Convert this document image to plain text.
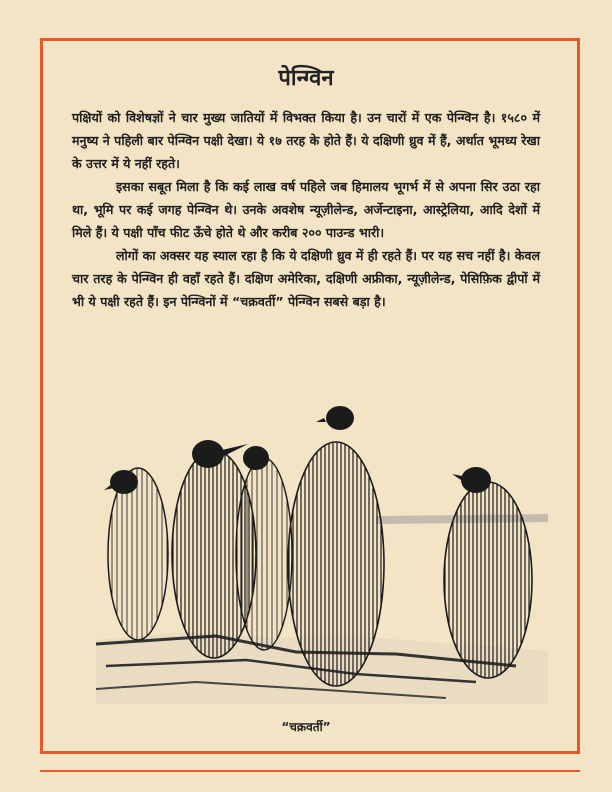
पेन्ग्विन

पक्षियों को विशेषज्ञों ने चार मुख्य जातियों में विभक्त किया है। उन चारों में एक पेन्ग्विन है। १५८० में मनुष्य ने पहिली बार पेन्ग्विन पक्षी देखा। ये १७ तरह के होते हैं। ये दक्षिणी ध्रुव में हैं, अर्थात भूमध्य रेखा के उत्तर में ये नहीं रहते।

इसका सबूत मिला है कि कई लाख वर्ष पहिले जब हिमालय भूगर्भ में से अपना सिर उठा रहा था, भूमि पर कई जगह पेन्ग्विन थे। उनके अवशेष न्यूज़ीलेन्ड, अर्जेन्टाइना, आस्ट्रेलिया, आदि देशों में मिले हैं। ये पक्षी पाँच फीट ऊँचे होते थे और करीब २०० पाउन्ड भारी।

लोगों का अक्सर यह स्याल रहा है कि ये दक्षिणी ध्रुव में ही रहते हैं। पर यह सच नहीं है। केवल चार तरह के पेन्ग्विन ही वहाँ रहते हैं। दक्षिण अमेरिका, दक्षिणी अफ्रीका, न्यूज़ीलेन्ड, पेसिफ़िक द्वीपों में भी ये पक्षी रहते हैं। इन पेन्ग्विनों में “चक्रवर्ती” पेन्ग्विन सबसे बड़ा है।

“चक्रवर्ती”
